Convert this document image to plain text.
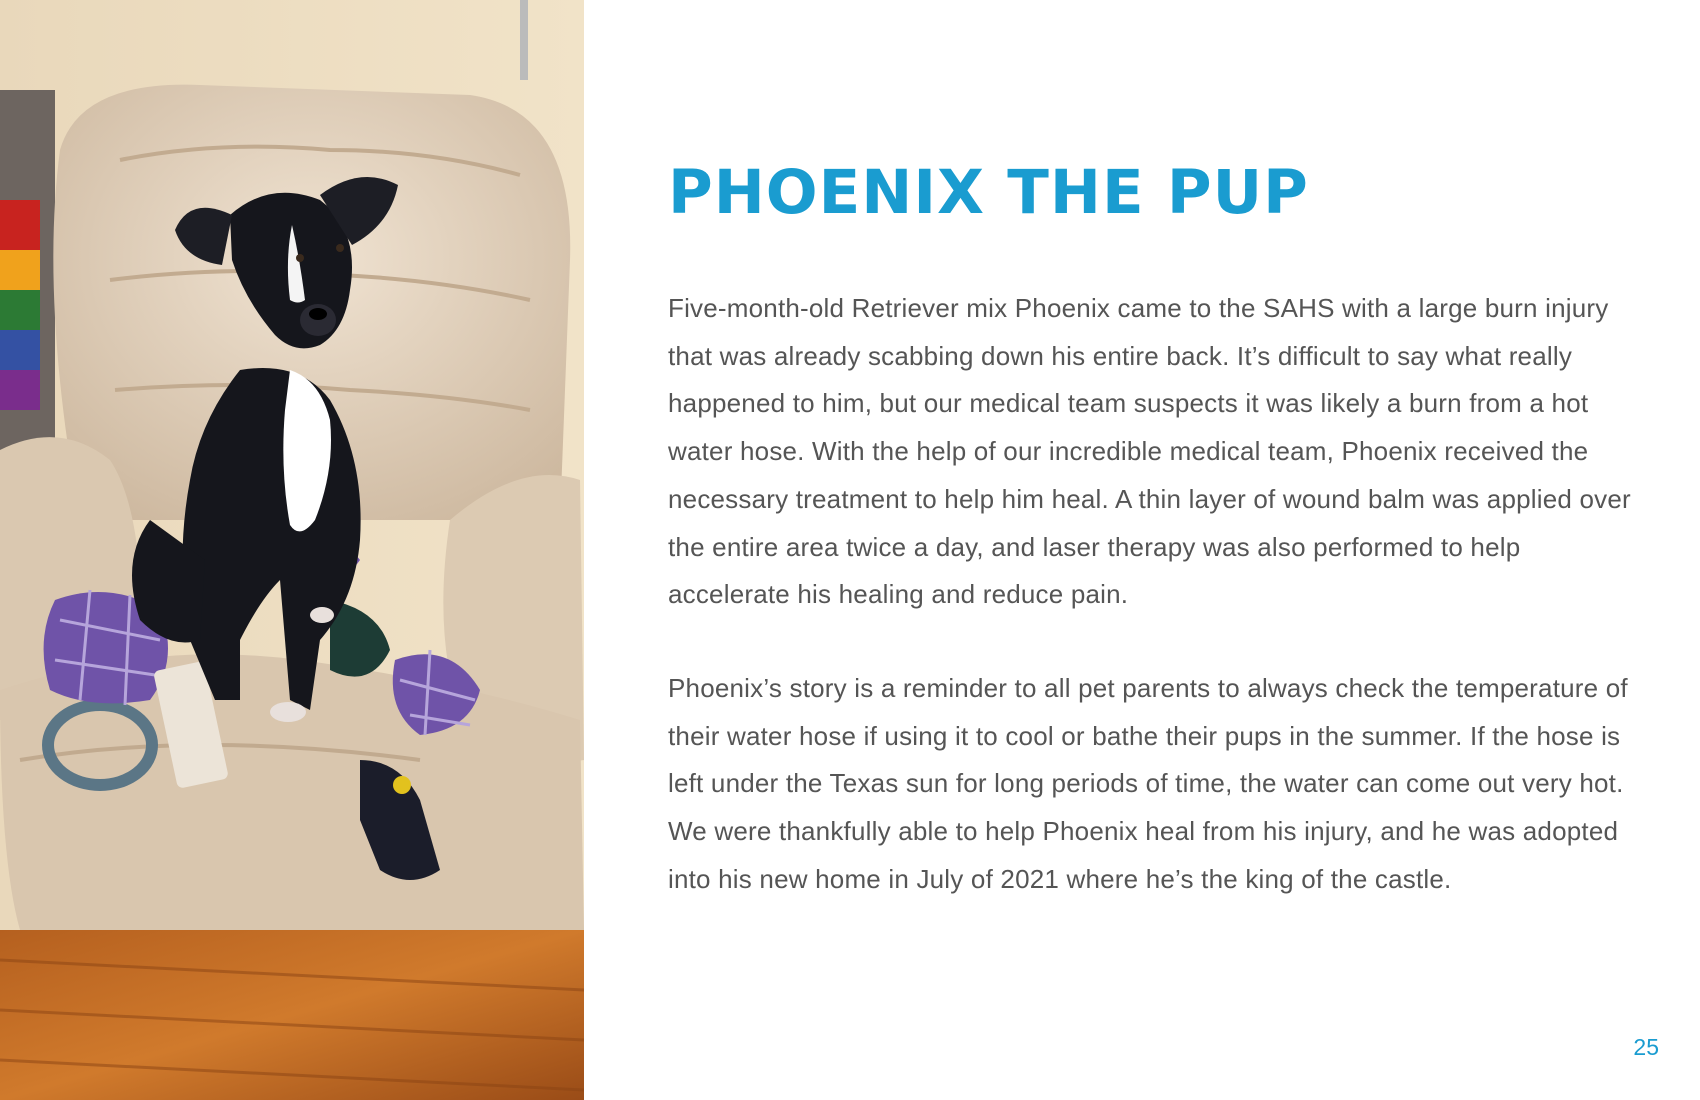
PHOENIX THE PUP

Five-month-old Retriever mix Phoenix came to the SAHS with a large burn injury that was already scabbing down his entire back. It’s difficult to say what really happened to him, but our medical team suspects it was likely a burn from a hot water hose. With the help of our incredible medical team, Phoenix received the necessary treatment to help him heal. A thin layer of wound balm was applied over the entire area twice a day, and laser therapy was also performed to help accelerate his healing and reduce pain.

Phoenix’s story is a reminder to all pet parents to always check the temperature of their water hose if using it to cool or bathe their pups in the summer. If the hose is left under the Texas sun for long periods of time, the water can come out very hot. We were thankfully able to help Phoenix heal from his injury, and he was adopted into his new home in July of 2021 where he’s the king of the castle.

25
